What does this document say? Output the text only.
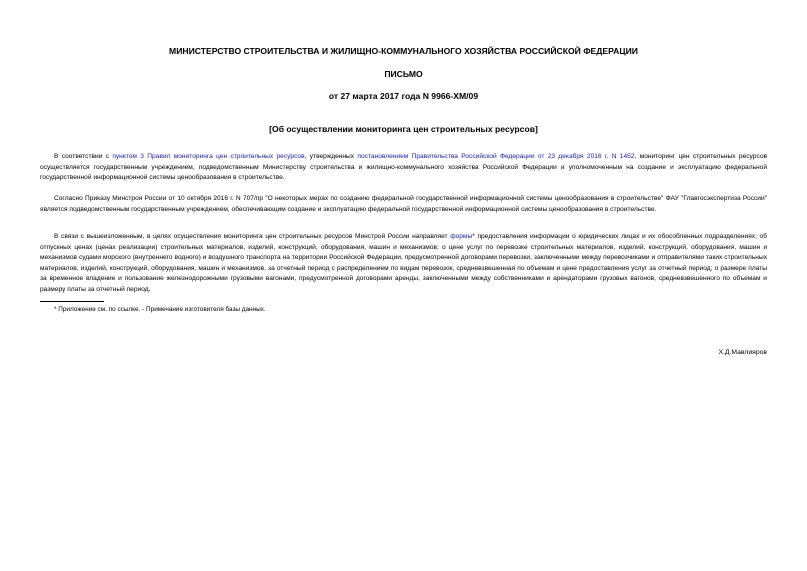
МИНИСТЕРСТВО СТРОИТЕЛЬСТВА И ЖИЛИЩНО-КОММУНАЛЬНОГО ХОЗЯЙСТВА РОССИЙСКОЙ ФЕДЕРАЦИИ
ПИСЬМО
от 27 марта 2017 года N 9966-ХМ/09
[Об осуществлении мониторинга цен строительных ресурсов]

В соответствии с пунктом 3 Правил мониторинга цен строительных ресурсов, утвержденных постановлением Правительства Российской Федерации от 23 декабря 2016 г. N 1452, мониторинг цен строительных ресурсов осуществляется государственным учреждением, подведомственным Министерству строительства и жилищно-коммунального хозяйства Российской Федерации и уполномоченным на создание и эксплуатацию федеральной государственной информационной системы ценообразования в строительстве.

Согласно Приказу Минстроя России от 10 октября 2016 г. N 707/пр "О некоторых мерах по созданию федеральной государственной информационной системы ценообразования в строительстве" ФАУ "Главгосэкспертиза России" является подведомственным государственным учреждением, обеспечивающим создание и эксплуатацию федеральной государственной информационной системы ценообразования в строительстве.

В связи с вышеизложенным, в целях осуществления мониторинга цен строительных ресурсов Минстрой России направляет формы* предоставления информации о юридических лицах и их обособленных подразделениях; об отпускных ценах (ценах реализации) строительных материалов, изделий, конструкций, оборудования, машин и механизмов; о цене услуг по перевозке строительных материалов, изделий, конструкций, оборудования, машин и механизмов судами морского (внутреннего водного) и воздушного транспорта на территории Российской Федерации, предусмотренной договорами перевозки, заключенными между перевозчиками и отправителями таких строительных материалов, изделий, конструкций, оборудования, машин и механизмов, за отчетный период с распределением по видам перевозок, средневзвешенная по объемам и цене предоставления услуг за отчетный период; о размере платы за временное владение и пользование железнодорожными грузовыми вагонами, предусмотренной договорами аренды, заключенными между собственниками и арендаторами грузовых вагонов, средневзвешенного по объемам и размеру платы за отчетный период.

* Приложение см. по ссылке. - Примечание изготовителя базы данных.
Х.Д.Мавлияров
